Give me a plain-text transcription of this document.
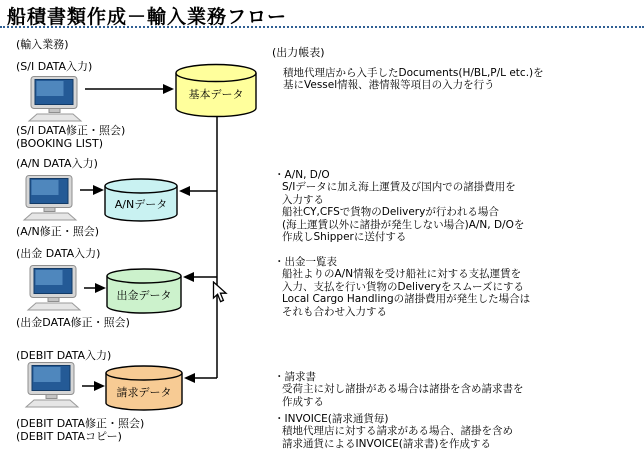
船積書類作成－輸入業務フロー
(輸入業務)
(S/I DATA入力)
(S/I DATA修正・照会)
(BOOKING LIST)
(A/N DATA入力)
(A/N修正・照会)
(出金 DATA入力)
(出金DATA修正・照会)
(DEBIT DATA入力)
(DEBIT DATA修正・照会)
(DEBIT DATAコピー)
基本データ
A/Nデータ
出金データ
請求データ
(出力帳表)
積地代理店から入手したDocuments(H/BL,P/L etc.)を
基にVessel情報、港情報等項目の入力を行う
・A/N, D/O
S/Iデータに加え海上運賃及び国内での諸掛費用を
入力する
船社CY,CFSで貨物のDeliveryが行われる場合
(海上運賃以外に諸掛が発生しない場合)A/N, D/Oを
作成しShipperに送付する
・出金一覧表
船社よりのA/N情報を受け船社に対する支払運賃を
入力、支払を行い貨物のDeliveryをスムーズにする
Local Cargo Handlingの諸掛費用が発生した場合は
それも合わせ入力する
・請求書
受荷主に対し諸掛がある場合は諸掛を含め請求書を
作成する
・INVOICE(請求通貨毎)
積地代理店に対する請求がある場合、諸掛を含め
請求通貨によるINVOICE(請求書)を作成する
